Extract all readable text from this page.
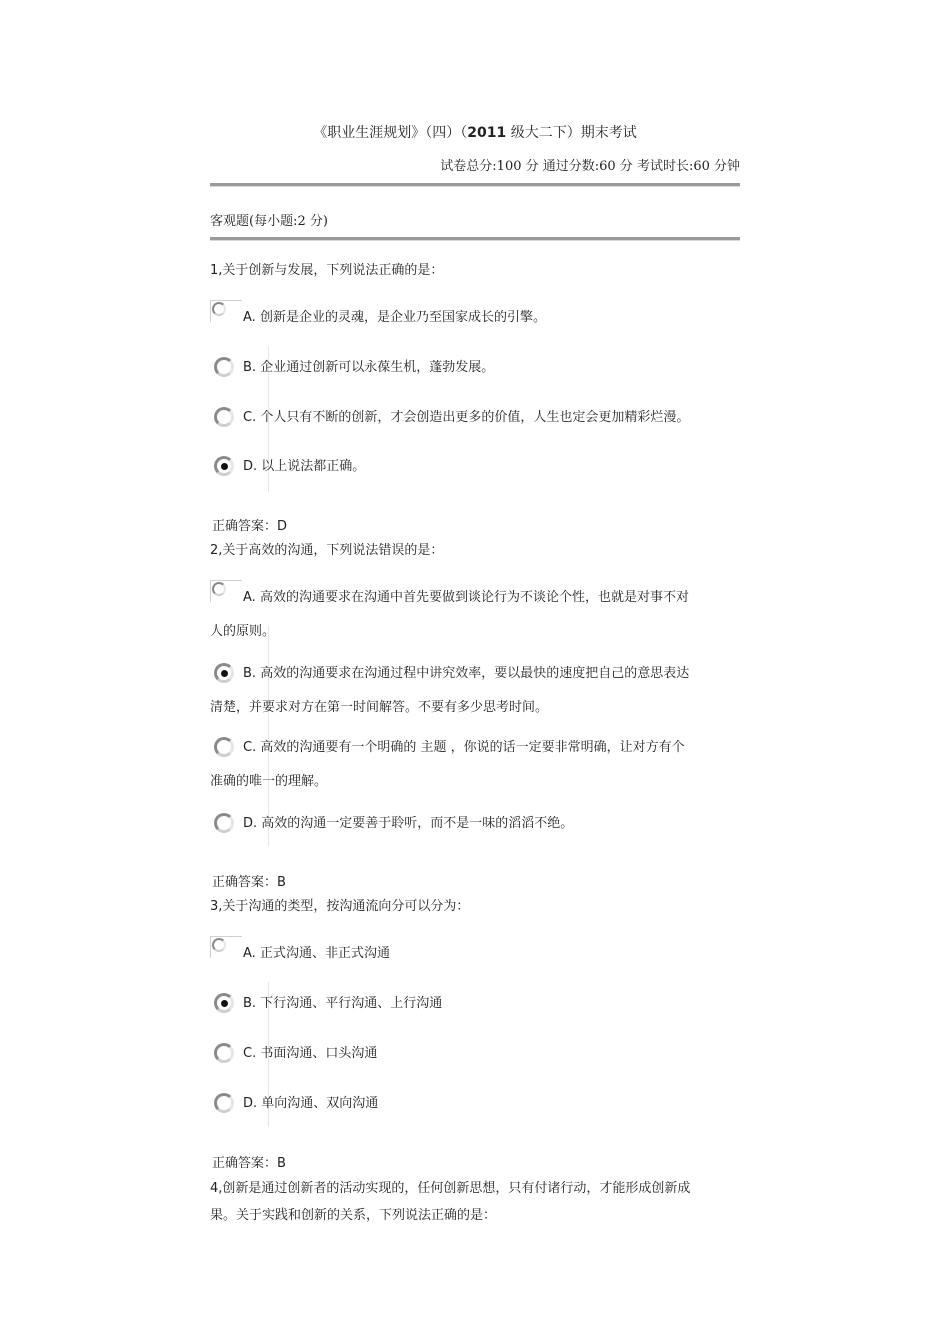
《职业生涯规划》（四）（2011 级大二下）期末考试
试卷总分:100 分 通过分数:60 分 考试时长:60 分钟
客观题(每小题:2 分)
1,关于创新与发展，下列说法正确的是：
A. 创新是企业的灵魂，是企业乃至国家成长的引擎。
B. 企业通过创新可以永葆生机，蓬勃发展。
C. 个人只有不断的创新，才会创造出更多的价值，人生也定会更加精彩烂漫。
D. 以上说法都正确。
正确答案：D
2,关于高效的沟通，下列说法错误的是：
A. 高效的沟通要求在沟通中首先要做到谈论行为不谈论个性，也就是对事不对
人的原则。
B. 高效的沟通要求在沟通过程中讲究效率，要以最快的速度把自己的意思表达
清楚，并要求对方在第一时间解答。不要有多少思考时间。
C. 高效的沟通要有一个明确的 主题 ，你说的话一定要非常明确，让对方有个
准确的唯一的理解。
D. 高效的沟通一定要善于聆听，而不是一味的滔滔不绝。
正确答案：B
3,关于沟通的类型，按沟通流向分可以分为：
A. 正式沟通、非正式沟通
B. 下行沟通、平行沟通、上行沟通
C. 书面沟通、口头沟通
D. 单向沟通、双向沟通
正确答案：B
4,创新是通过创新者的活动实现的，任何创新思想，只有付诸行动，才能形成创新成
果。关于实践和创新的关系，下列说法正确的是：
